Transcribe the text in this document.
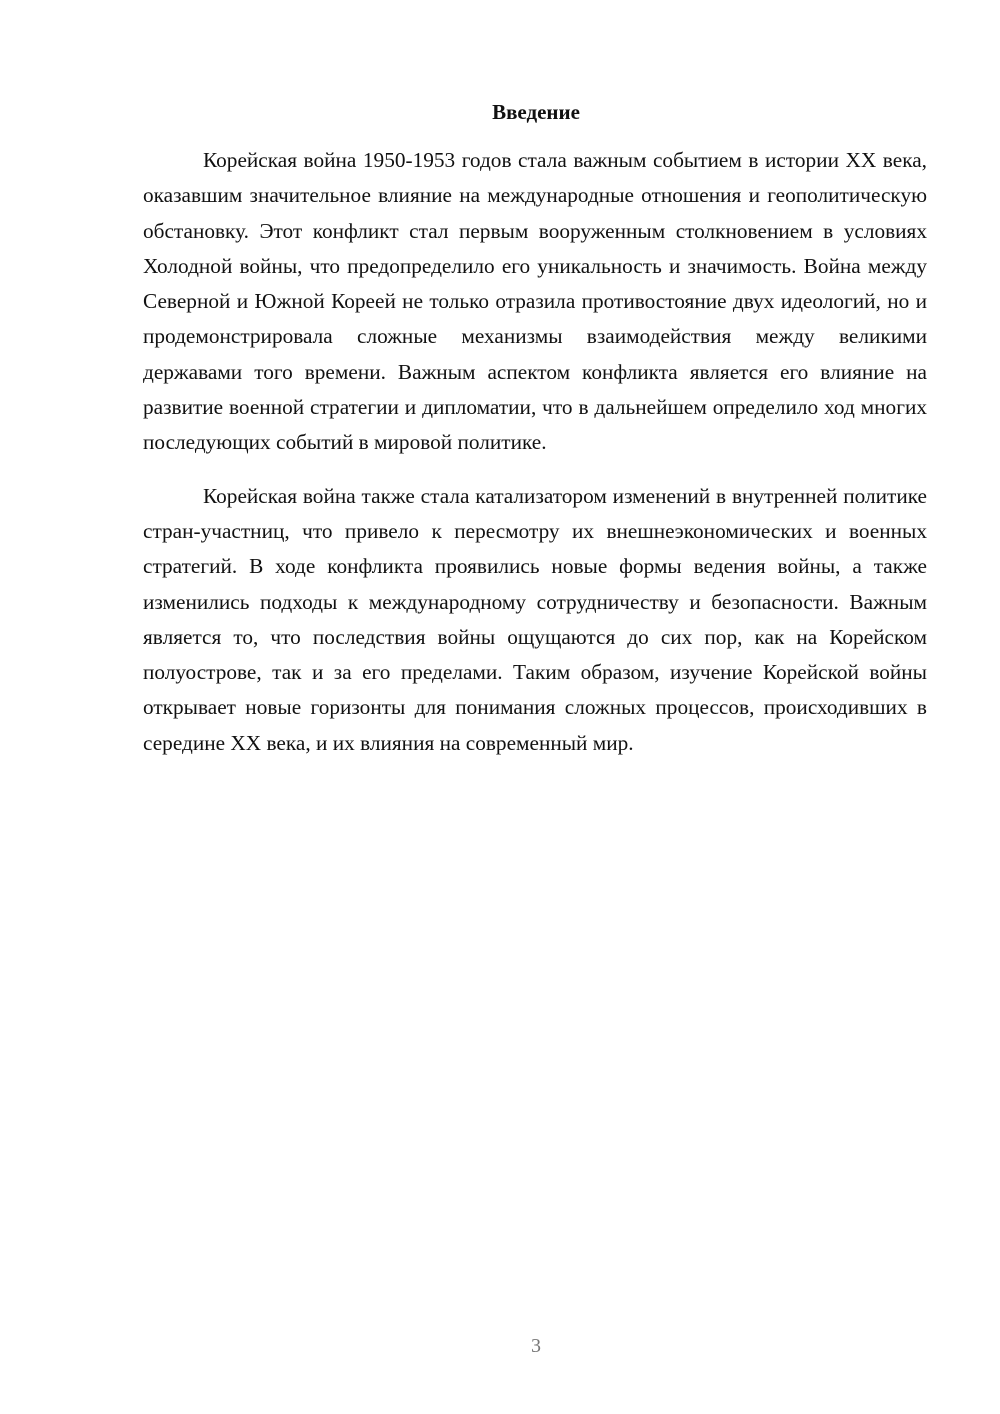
Введение

Корейская война 1950-1953 годов стала важным событием в истории XX века, оказавшим значительное влияние на международные отношения и геополитическую обстановку. Этот конфликт стал первым вооруженным столкновением в условиях Холодной войны, что предопределило его уникальность и значимость. Война между Северной и Южной Кореей не только отразила противостояние двух идеологий, но и продемонстрировала сложные механизмы взаимодействия между великими державами того времени. Важным аспектом конфликта является его влияние на развитие военной стратегии и дипломатии, что в дальнейшем определило ход многих последующих событий в мировой политике.

Корейская война также стала катализатором изменений в внутренней политике стран-участниц, что привело к пересмотру их внешнеэкономических и военных стратегий. В ходе конфликта проявились новые формы ведения войны, а также изменились подходы к международному сотрудничеству и безопасности. Важным является то, что последствия войны ощущаются до сих пор, как на Корейском полуострове, так и за его пределами. Таким образом, изучение Корейской войны открывает новые горизонты для понимания сложных процессов, происходивших в середине XX века, и их влияния на современный мир.

3
